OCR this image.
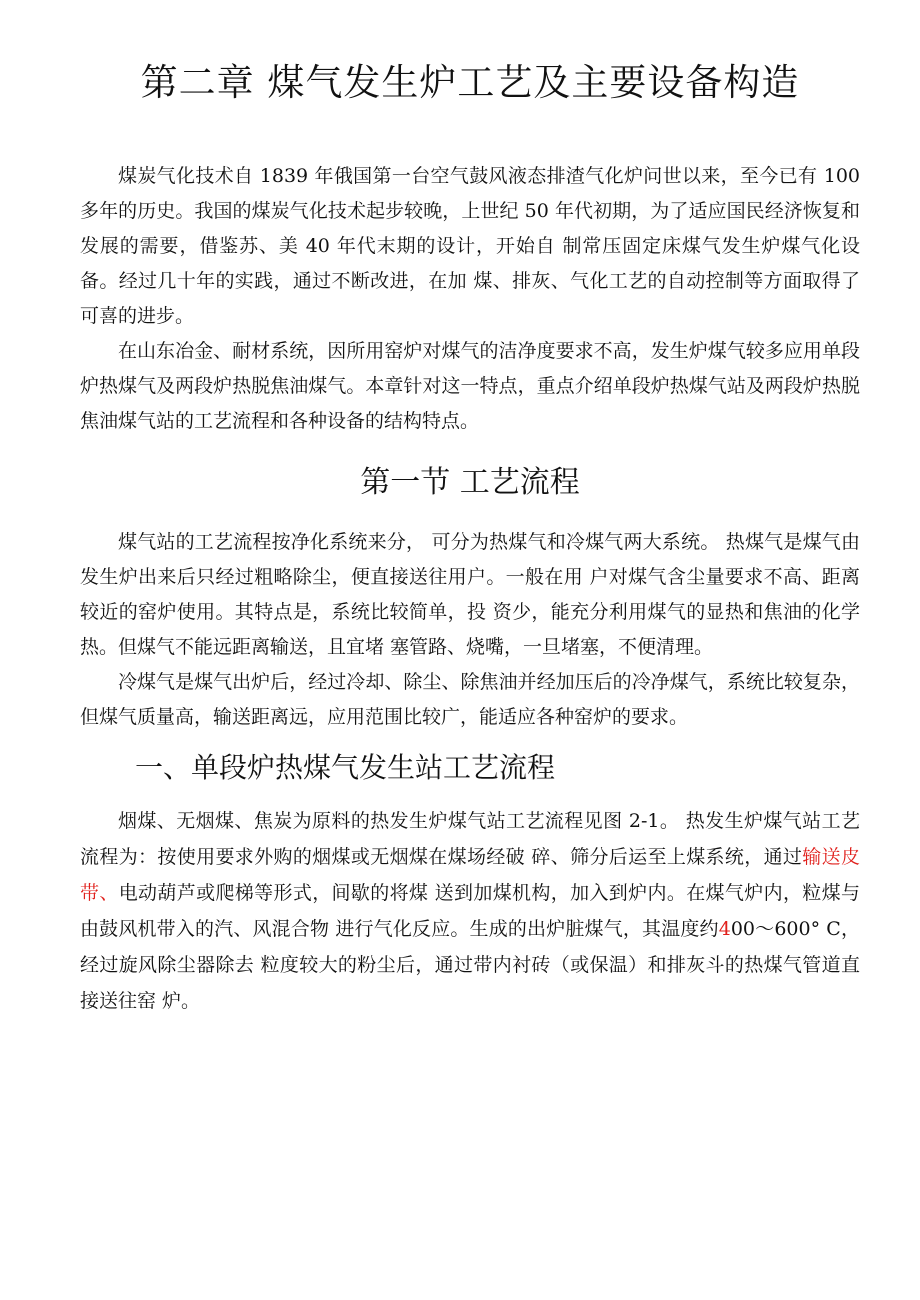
第二章 煤气发生炉工艺及主要设备构造

煤炭气化技术自 1839 年俄国第一台空气鼓风液态排渣气化炉问世以来，至今已有 100 多年的历史。我国的煤炭气化技术起步较晚，上世纪 50 年代初期，为了适应国民经济恢复和发展的需要，借鉴苏、美 40 年代末期的设计，开始自 制常压固定床煤气发生炉煤气化设备。经过几十年的实践，通过不断改进，在加 煤、排灰、气化工艺的自动控制等方面取得了可喜的进步。

在山东冶金、耐材系统，因所用窑炉对煤气的洁净度要求不高，发生炉煤气较多应用单段炉热煤气及两段炉热脱焦油煤气。本章针对这一特点，重点介绍单段炉热煤气站及两段炉热脱焦油煤气站的工艺流程和各种设备的结构特点。

第一节 工艺流程

煤气站的工艺流程按净化系统来分， 可分为热煤气和冷煤气两大系统。 热煤气是煤气由发生炉出来后只经过粗略除尘，便直接送往用户。一般在用 户对煤气含尘量要求不高、距离较近的窑炉使用。其特点是，系统比较简单，投 资少，能充分利用煤气的显热和焦油的化学热。但煤气不能远距离输送，且宜堵 塞管路、烧嘴，一旦堵塞，不便清理。

冷煤气是煤气出炉后，经过冷却、除尘、除焦油并经加压后的冷净煤气，系统比较复杂，但煤气质量高，输送距离远，应用范围比较广，能适应各种窑炉的要求。

一、单段炉热煤气发生站工艺流程

烟煤、无烟煤、焦炭为原料的热发生炉煤气站工艺流程见图 2-1。 热发生炉煤气站工艺流程为：按使用要求外购的烟煤或无烟煤在煤场经破 碎、筛分后运至上煤系统，通过输送皮带、电动葫芦或爬梯等形式，间歇的将煤 送到加煤机构，加入到炉内。在煤气炉内，粒煤与由鼓风机带入的汽、风混合物 进行气化反应。生成的出炉脏煤气，其温度约400～600° C，经过旋风除尘器除去 粒度较大的粉尘后，通过带内衬砖（或保温）和排灰斗的热煤气管道直接送往窑 炉。
